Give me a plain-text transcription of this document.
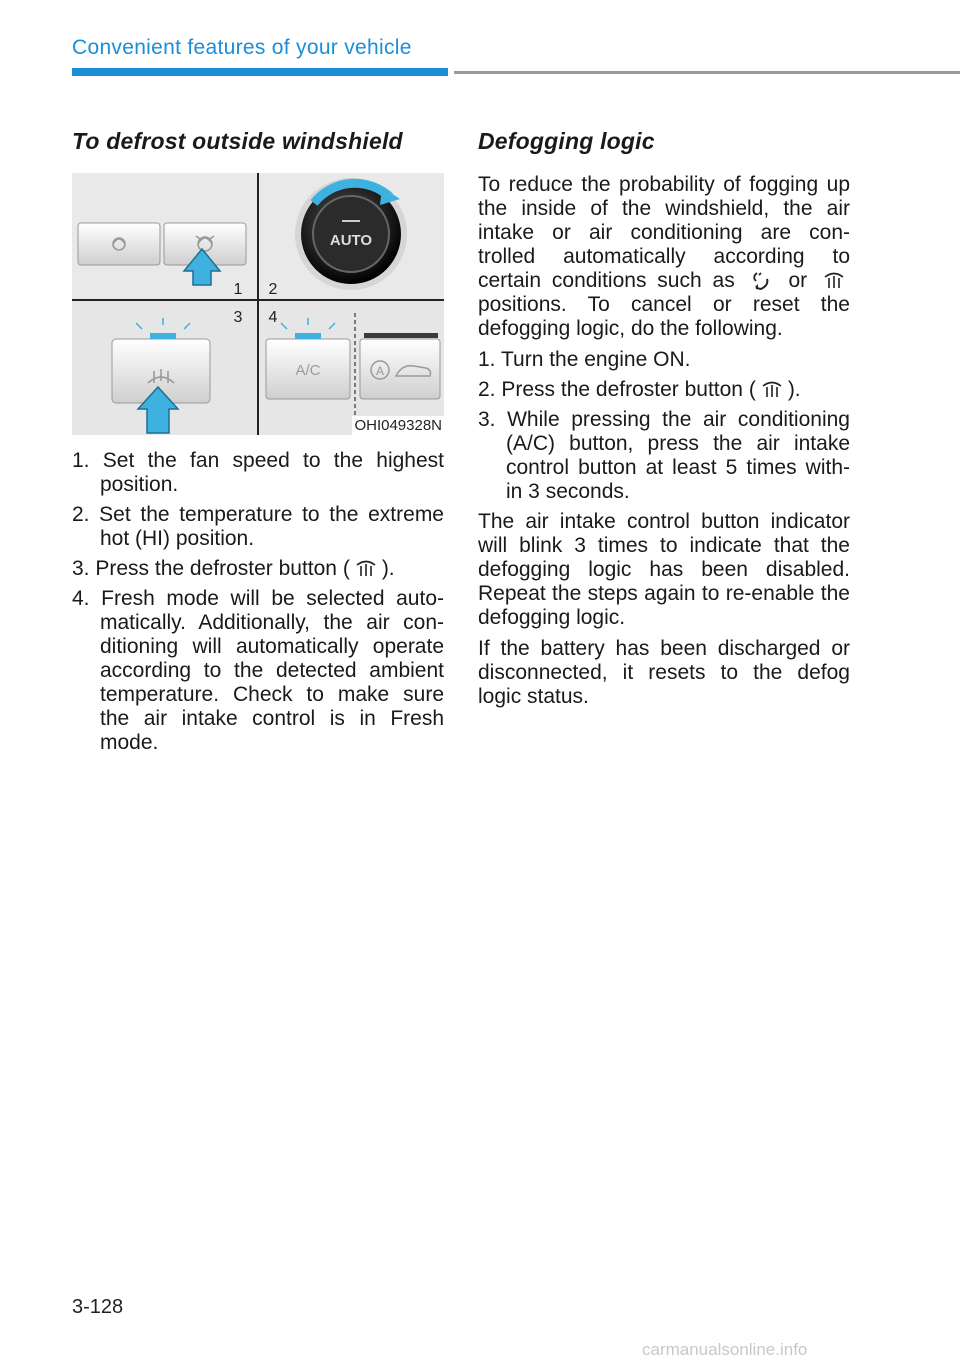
Convenient features of your vehicle
To defrost outside windshield
AUTO
A/C	A
1 2
3 4
OHI049328N
1. Set the fan speed to the highest position.
2. Set the temperature to the extreme hot (HI) position.
3. Press the defroster button ( ).
4. Fresh mode will be selected auto- matically. Additionally, the air con- ditioning will automatically operate according to the detected ambient temperature. Check to make sure the air intake control is in Fresh mode.
Defogging logic

To reduce the probability of fogging up the inside of the windshield, the air intake or air conditioning are con- trolled automatically according to certain conditions such as	or  positions. To cancel or reset the defogging logic, do the following.

1. Turn the engine ON.
2. Press the defroster button ( ).
3. While pressing the air conditioning (A/C) button, press the air intake control button at least 5 times with- in 3 seconds.

The air intake control button indicator will blink 3 times to indicate that the defogging logic has been disabled. Repeat the steps again to re-enable the defogging logic.

If the battery has been discharged or disconnected, it resets to the defog logic status.

3-128
carmanualsonline.info
